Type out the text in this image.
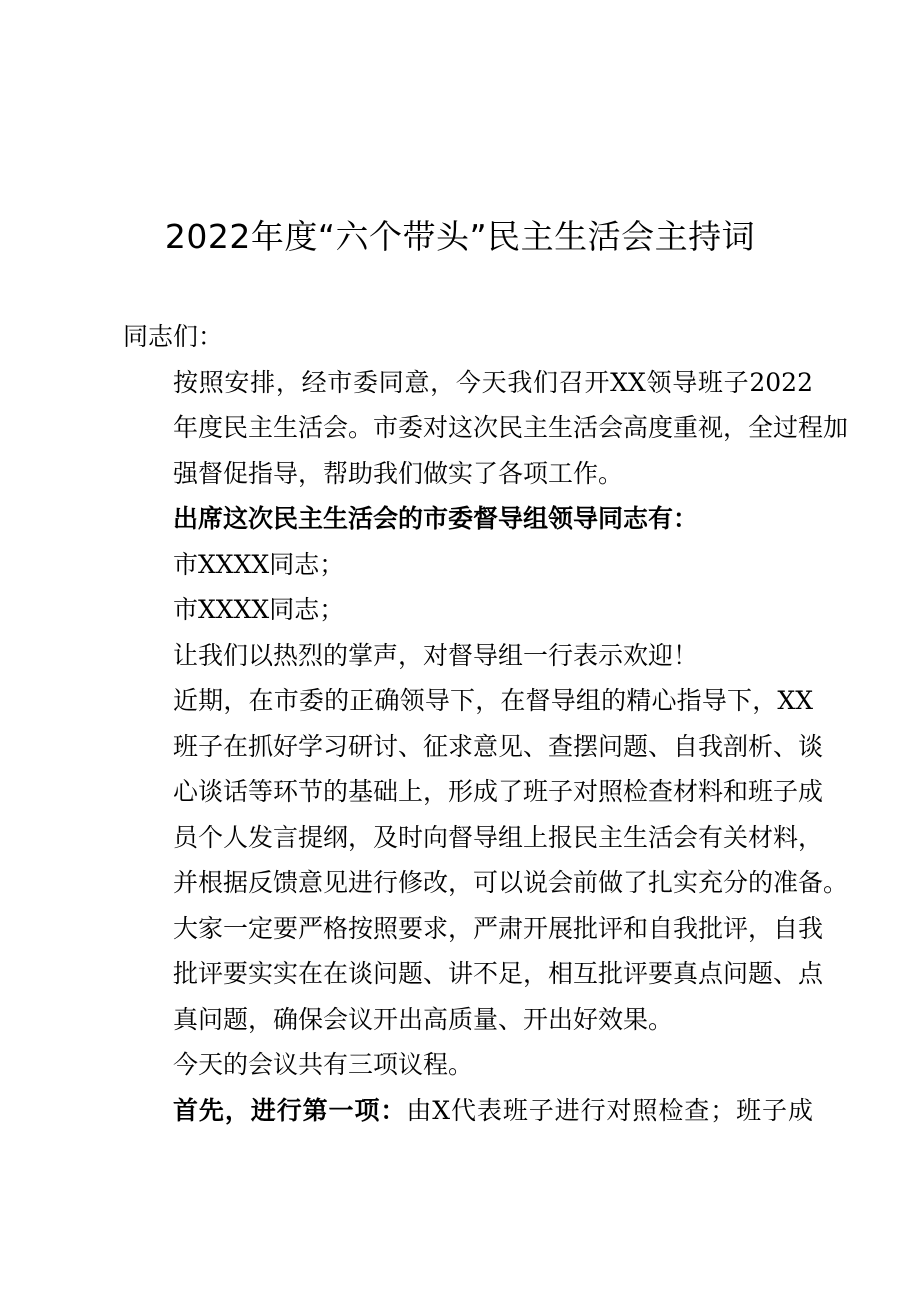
2022年度“六个带头”民主生活会主持词

同志们：

按照安排，经市委同意，今天我们召开XX领导班子2022
年度民主生活会。市委对这次民主生活会高度重视，全过程加
强督促指导，帮助我们做实了各项工作。

出席这次民主生活会的市委督导组领导同志有：

市XXXX同志；

市XXXX同志；

让我们以热烈的掌声，对督导组一行表示欢迎！

近期，在市委的正确领导下，在督导组的精心指导下，XX
班子在抓好学习研讨、征求意见、查摆问题、自我剖析、谈
心谈话等环节的基础上，形成了班子对照检查材料和班子成
员个人发言提纲，及时向督导组上报民主生活会有关材料，
并根据反馈意见进行修改，可以说会前做了扎实充分的准备。
大家一定要严格按照要求，严肃开展批评和自我批评，自我
批评要实实在在谈问题、讲不足，相互批评要真点问题、点
真问题，确保会议开出高质量、开出好效果。

今天的会议共有三项议程。

首先，进行第一项：由X代表班子进行对照检查；班子成
